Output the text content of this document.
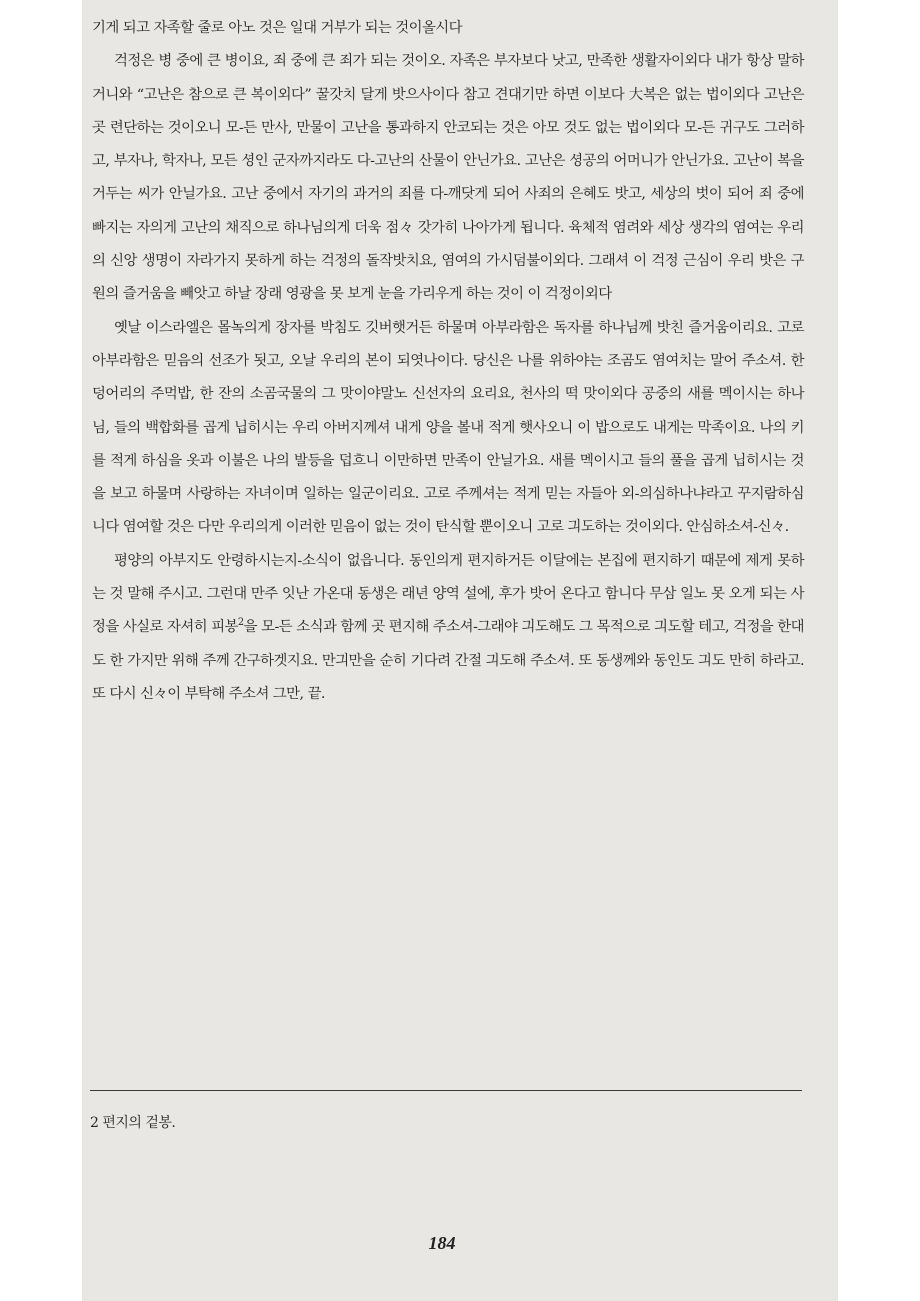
기게 되고 자족할 줄로 아노 것은 일대 거부가 되는 것이올시다

걱정은 병 중에 큰 병이요, 죄 중에 큰 죄가 되는 것이오. 자족은 부자보다 낫고, 만족한 생활자이외다 내가 항상 말하거니와 “고난은 참으로 큰 복이외다” 꿀갓치 달게 밧으사이다 참고 견대기만 하면 이보다 大복은 없는 법이외다 고난은 곳 련단하는 것이오니 모-든 만사, 만물이 고난을 통과하지 안코되는 것은 아모 것도 없는 법이외다 모-든 귀구도 그러하고, 부자나, 학자나, 모든 셩인 군자까지라도 다-고난의 산물이 안닌가요. 고난은 셩공의 어머니가 안닌가요. 고난이 복을 거두는 씨가 안닐가요. 고난 중에서 자기의 과거의 죄를 다-깨닷게 되어 사죄의 은혜도 밧고, 세상의 벗이 되어 죄 중에 빠지는 자의게 고난의 채직으로 하나님의게 더욱 점々 갓가히 나아가게 됩니다. 육체적 염려와 세상 생각의 염여는 우리의 신앙 생명이 자라가지 못하게 하는 걱정의 돌작밧치요, 염여의 가시덤불이외다. 그래셔 이 걱정 근심이 우리 밧은 구원의 즐거움을 빼앗고 하날 장래 영광을 못 보게 눈을 가리우게 하는 것이 이 걱정이외다

옛날 이스라엘은 몰녹의게 장자를 박침도 깃버햇거든 하물며 아부라함은 독자를 하나님께 밧친 즐거움이리요. 고로 아부라함은 믿음의 선조가 됫고, 오날 우리의 본이 되엿나이다. 당신은 나를 위하야는 조곰도 염여치는 말어 주소셔. 한 덩어리의 주먹밥, 한 잔의 소곰국물의 그 맛이야말노 신선자의 요리요, 천사의 떡 맛이외다 공중의 새를 멕이시는 하나님, 들의 백합화를 곱게 닙히시는 우리 아버지께셔 내게 양을 볼내 적게 햇사오니 이 밥으로도 내게는 막족이요. 나의 키를 적게 하심을 옷과 이불은 나의 발등을 덥흐니 이만하면 만족이 안닐가요. 새를 멕이시고 들의 풀을 곱게 닙히시는 것을 보고 하물며 사랑하는 자녀이며 일하는 일군이리요. 고로 주께셔는 적게 믿는 자들아 외-의심하나냐라고 꾸지람하심니다 염여할 것은 다만 우리의게 이러한 믿음이 없는 것이 탄식할 뿐이오니 고로 긔도하는 것이외다. 안심하소셔-신々.

평양의 아부지도 안령하시는지-소식이 없읍니다. 동인의게 편지하거든 이달에는 본집에 편지하기 때문에 제게 못하는 것 말해 주시고. 그런대 만주 잇난 가온대 동생은 래년 양역 설에, 후가 밧어 온다고 함니다 무삼 일노 못 오게 되는 사정을 사실로 자셔히 피봉$^2$을 모-든 소식과 함께 곳 편지해 주소셔-그래야 긔도해도 그 목적으로 긔도할 테고, 걱정을 한대도 한 가지만 위해 주께 간구하겟지요. 만긔만을 순히 기다려 간절 긔도해 주소셔. 또 동생께와 동인도 긔도 만히 하라고. 또 다시 신々이 부탁해 주소셔 그만, 끝.

2 편지의 겉봉.
184
